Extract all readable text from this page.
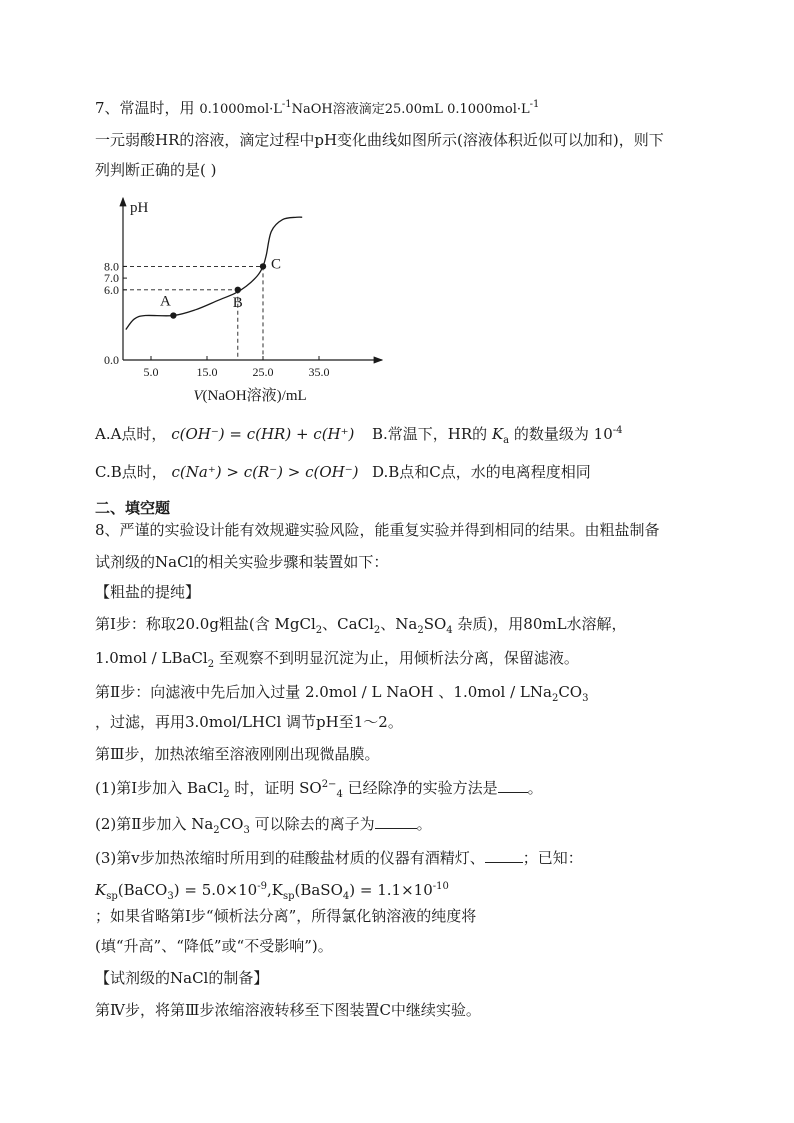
7、常温时，用 $0.1000mol\cdot L^{-1}NaOH$溶液滴定25.00mL $0.1000mol\cdot L^{-1}$
一元弱酸HR的溶液，滴定过程中pH变化曲线如图所示(溶液体积近似可以加和)，则下
列判断正确的是( )
pH
V(NaOH溶液)/mL
5.0	15.0	25.0	35.0
0.0
6.0
7.0
8.0
A	B
C
A.A点时， c(OH⁻) = c(HR) + c(H⁺) B.常温下，HR的 $K_a$ 的数量级为 $10^{-4}$
C.B点时， c(Na⁺) > c(R⁻) > c(OH⁻) D.B点和C点，水的电离程度相同
二、填空题
8、严谨的实验设计能有效规避实验风险，能重复实验并得到相同的结果。由粗盐制备
试剂级的NaCl的相关实验步骤和装置如下：
【粗盐的提纯】
第Ⅰ步：称取20.0g粗盐(含 MgCl$_2$、CaCl$_2$、$Na_2SO_4$ 杂质)，用80mL水溶解，
1.0mol / LBaCl$_2$ 至观察不到明显沉淀为止，用倾析法分离，保留滤液。
第Ⅱ步：向滤液中先后加入过量 2.0mol / L NaOH 、$1.0mol / LNa_2CO_3$
，过滤，再用3.0mol/LHCl 调节pH至1～2。
第Ⅲ步，加热浓缩至溶液刚刚出现微晶膜。
(1)第Ⅰ步加入 BaCl$_2$ 时，证明 $SO^{2-}_4$ 已经除净的实验方法是 。
(2)第Ⅱ步加入 $Na_2CO_3$ 可以除去的离子为	。
(3)第v步加热浓缩时所用到的硅酸盐材质的仪器有酒精灯、	；已知：
$K_{sp}(BaCO_3)$ = $5.0\times 10^{-9},K_{sp}(BaSO_4) = 1.1\times 10^{-10}$
；如果省略第Ⅰ步“倾析法分离”，所得氯化钠溶液的纯度将
(填“升高”、“降低”或“不受影响”)。
【试剂级的NaCl的制备】
第Ⅳ步，将第Ⅲ步浓缩溶液转移至下图装置C中继续实验。
